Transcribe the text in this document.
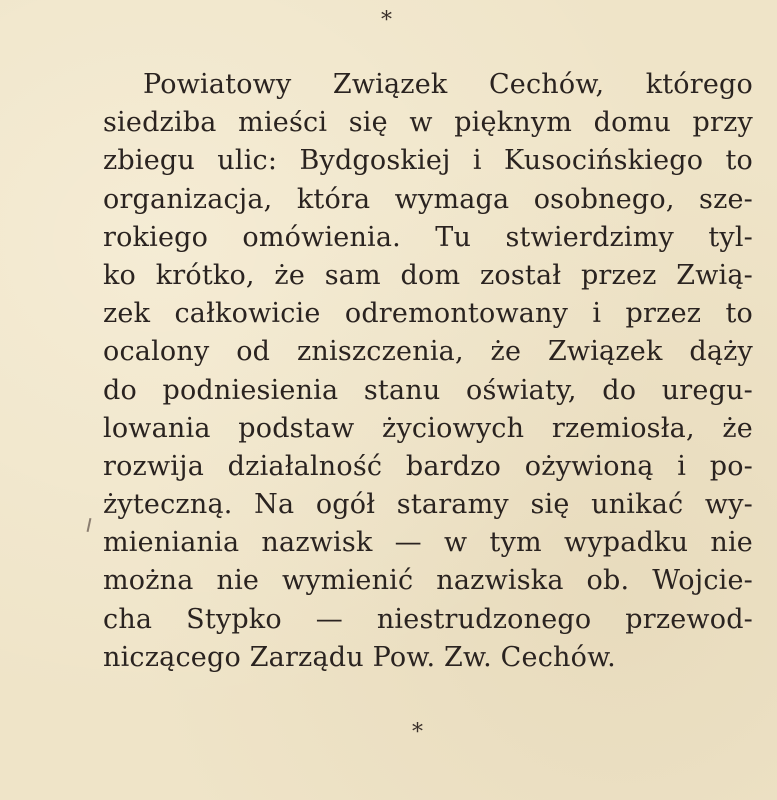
*
Powiatowy Związek Cechów, którego
siedziba mieści się w pięknym domu przy
zbiegu ulic: Bydgoskiej i Kusocińskiego to
organizacja, która wymaga osobnego, sze-
rokiego omówienia. Tu stwierdzimy tyl-
ko krótko, że sam dom został przez Zwią-
zek całkowicie odremontowany i przez to
ocalony od zniszczenia, że Związek dąży
do podniesienia stanu oświaty, do uregu-
lowania podstaw życiowych rzemiosła, że
rozwija działalność bardzo ożywioną i po-
żyteczną. Na ogół staramy się unikać wy-
mieniania nazwisk — w tym wypadku nie
można nie wymienić nazwiska ob. Wojcie-
cha Stypko — niestrudzonego przewod-
niczącego Zarządu Pow. Zw. Cechów.
*
